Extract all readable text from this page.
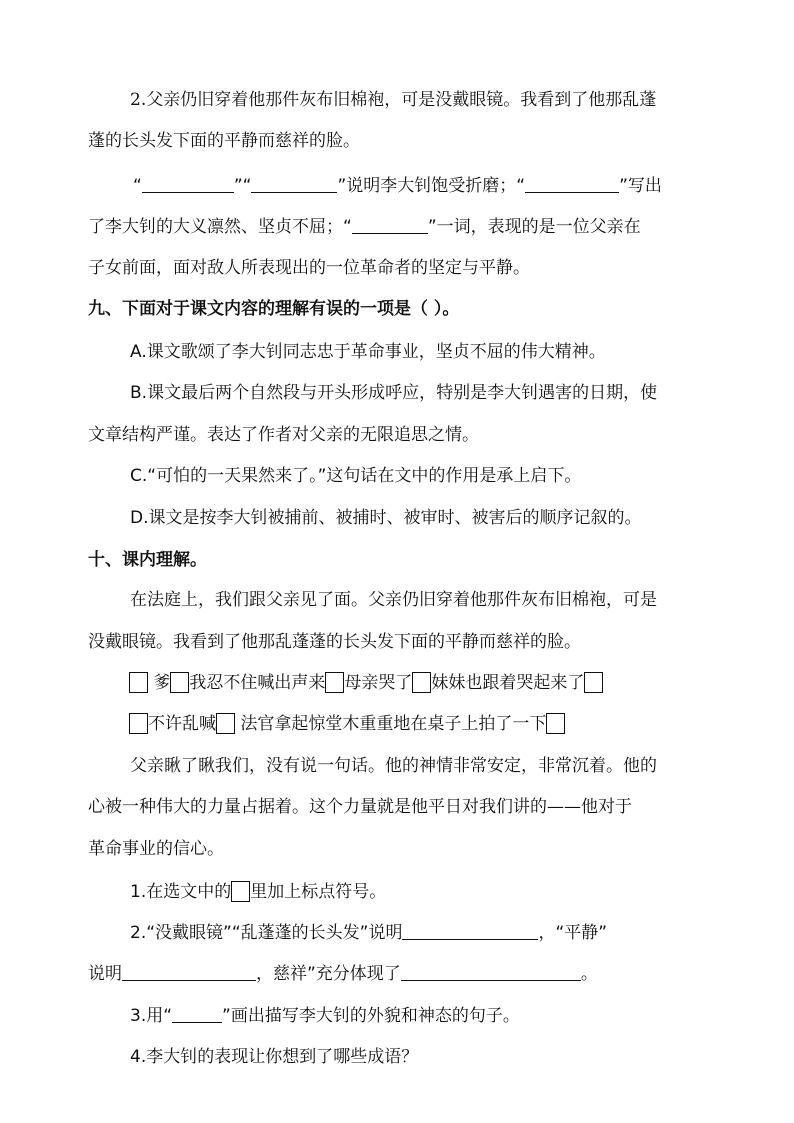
2.父亲仍旧穿着他那件灰布旧棉袍，可是没戴眼镜。我看到了他那乱蓬
蓬的长头发下面的平静而慈祥的脸。
“	”“	”说明李大钊饱受折磨；“	”写出
了李大钊的大义凛然、坚贞不屈；“	”一词，表现的是一位父亲在
子女前面，面对敌人所表现出的一位革命者的坚定与平静。
九、下面对于课文内容的理解有误的一项是（ ）。
A.课文歌颂了李大钊同志忠于革命事业，坚贞不屈的伟大精神。
B.课文最后两个自然段与开头形成呼应，特别是李大钊遇害的日期，使
文章结构严谨。表达了作者对父亲的无限追思之情。
C.“可怕的一天果然来了。”这句话在文中的作用是承上启下。
D.课文是按李大钊被捕前、被捕时、被审时、被害后的顺序记叙的。
十、课内理解。
在法庭上，我们跟父亲见了面。父亲仍旧穿着他那件灰布旧棉袍，可是
没戴眼镜。我看到了他那乱蓬蓬的长头发下面的平静而慈祥的脸。
爹 我忍不住喊出声来 母亲哭了 妹妹也跟着哭起来了
不许乱喊 法官拿起惊堂木重重地在桌子上拍了一下
父亲瞅了瞅我们，没有说一句话。他的神情非常安定，非常沉着。他的
心被一种伟大的力量占据着。这个力量就是他平日对我们讲的——他对于
革命事业的信心。
1.在选文中的 里加上标点符号。
2.“没戴眼镜”“乱蓬蓬的长头发”说明	，“平静”
说明	，慈祥”充分体现了	。
3.用“	”画出描写李大钊的外貌和神态的句子。
4.李大钊的表现让你想到了哪些成语？
